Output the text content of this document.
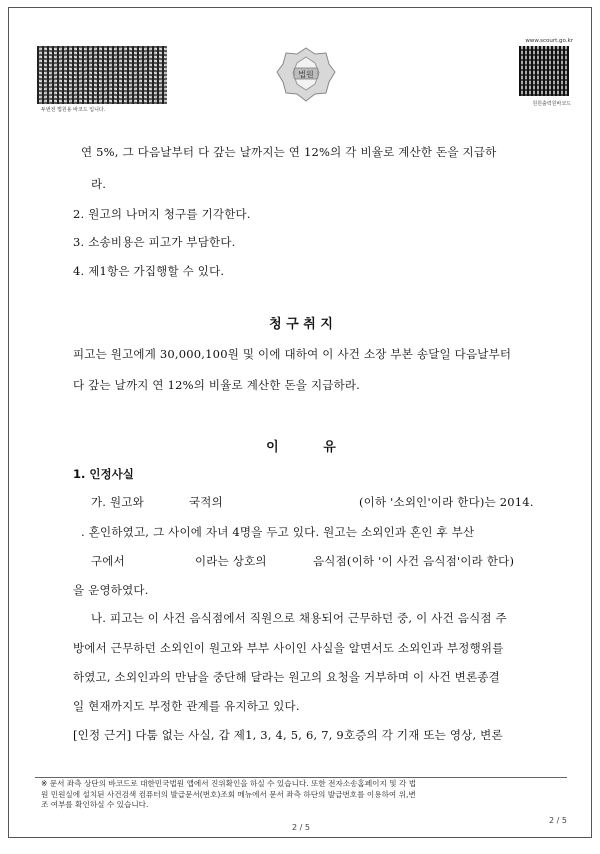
두번전 법원용 바코드 입니다.
법원
www.scourt.go.kr
원원출력원바코드
연 5%, 그 다음날부터 다 갚는 날까지는 연 12%의 각 비율로 계산한 돈을 지급하
라.
2. 원고의 나머지 청구를 기각한다.
3. 소송비용은 피고가 부담한다.
4. 제1항은 가집행할 수 있다.
청 구 취 지
피고는 원고에게 30,000,100원 및 이에 대하여 이 사건 소장 부본 송달일 다음날부터
다 갚는 날까지 연 12%의 비율로 계산한 돈을 지급하라.
이 유
1. 인정사실
가. 원고와	국적의	(이하 '소외인'이라 한다)는 2014.
. 혼인하였고, 그 사이에 자녀 4명을 두고 있다. 원고는 소외인과 혼인 후 부산
구에서	이라는 상호의	음식점(이하 '이 사건 음식점'이라 한다)
을 운영하였다.
나. 피고는 이 사건 음식점에서 직원으로 채용되어 근무하던 중, 이 사건 음식점 주
방에서 근무하던 소외인이 원고와 부부 사이인 사실을 알면서도 소외인과 부정행위를
하였고, 소외인과의 만남을 중단해 달라는 원고의 요청을 거부하며 이 사건 변론종결
일 현재까지도 부정한 관계를 유지하고 있다.
[인정 근거] 다툼 없는 사실, 갑 제1, 3, 4, 5, 6, 7, 9호증의 각 기재 또는 영상, 변론
※ 문서 좌측 상단의 바코드로 대한민국법원 앱에서 진위확인을 하실 수 있습니다. 또한 전자소송홈페이지 및 각 법
원 민원실에 설치된 사건검색 컴퓨터의 발급문서(번호)조회 메뉴에서 문서 좌측 하단의 발급번호를 이용하여 위,변
조 여부를 확인하실 수 있습니다.
2 / 5
2 / 5
